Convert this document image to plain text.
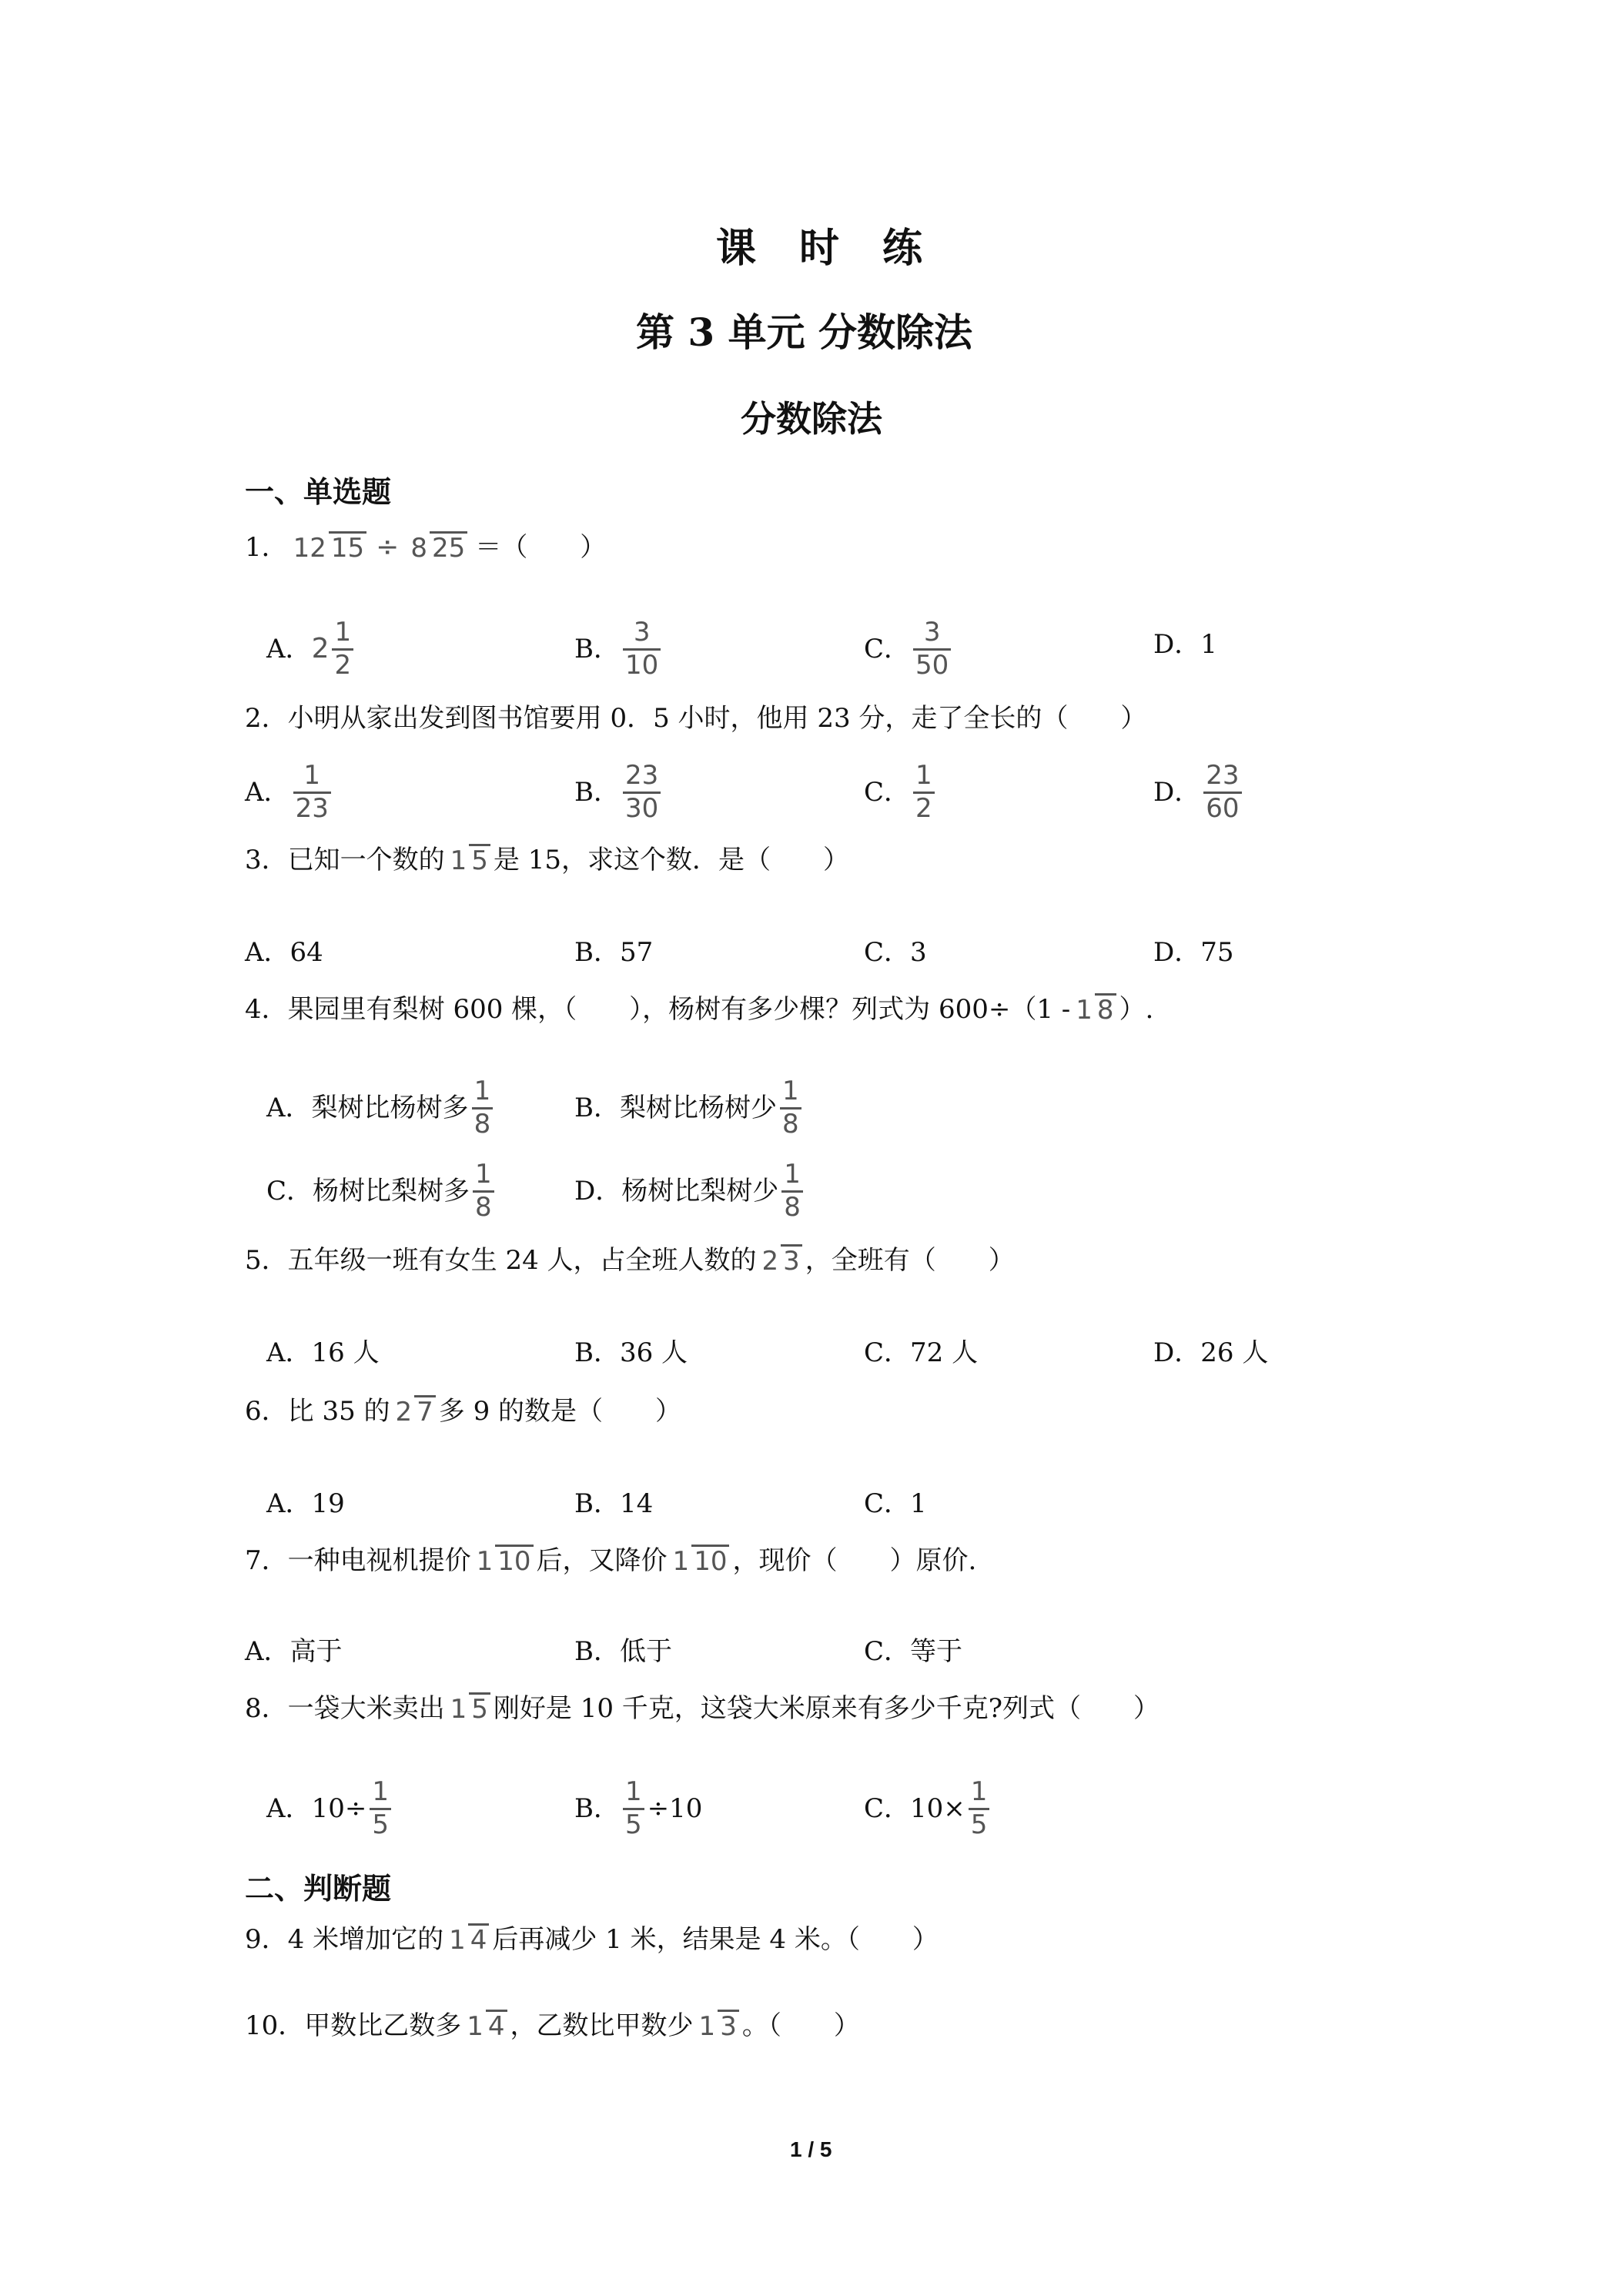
课时练
第 3 单元 分数除法
分数除法
一、单选题
1． 12 15 ÷ 8 25 ＝（　　）
A． $2 \frac{1}{2}$	B． $\frac{3}{10}$	C． $\frac{3}{50}$	D． 1
2．小明从家出发到图书馆要用 0．5 小时，他用 23 分，走了全长的（　　）
A． $\frac{1}{23}$	B． $\frac{23}{30}$	C． $\frac{1}{2}$	D． $\frac{23}{60}$
3．已知一个数的 1 5 是 15，求这个数．是（　　）
A．64	B．57	C．3	D．75
4．果园里有梨树 600 棵，（　　），杨树有多少棵？列式为 600÷（1 - 1 8 ）.
A．梨树比杨树多 $\frac{1}{8}$	B．梨树比杨树少 $\frac{1}{8}$
C．杨树比梨树多 $\frac{1}{8}$	D．杨树比梨树少 $\frac{1}{8}$
5．五年级一班有女生 24 人，占全班人数的 2 3 ，全班有（　　）
A．16 人	B．36 人	C．72 人	D．26 人
6．比 35 的 2 7 多 9 的数是（　　）
A．19	B．14	C．1
7．一种电视机提价 1 10 后，又降价 1 10 ，现价（　　）原价.
A．高于	B．低于	C．等于
8．一袋大米卖出 1 5 刚好是 10 千克，这袋大米原来有多少千克?列式（　　）
A． $10\div \frac{1}{5}$	B． $\frac{1}{5} \div 10$	C． $10\times \frac{1}{5}$
二、判断题
9．4 米增加它的 1 4 后再减少 1 米，结果是 4 米。（　　）
10．甲数比乙数多 1 4 ，乙数比甲数少 1 3 。（　　）
1 / 5
